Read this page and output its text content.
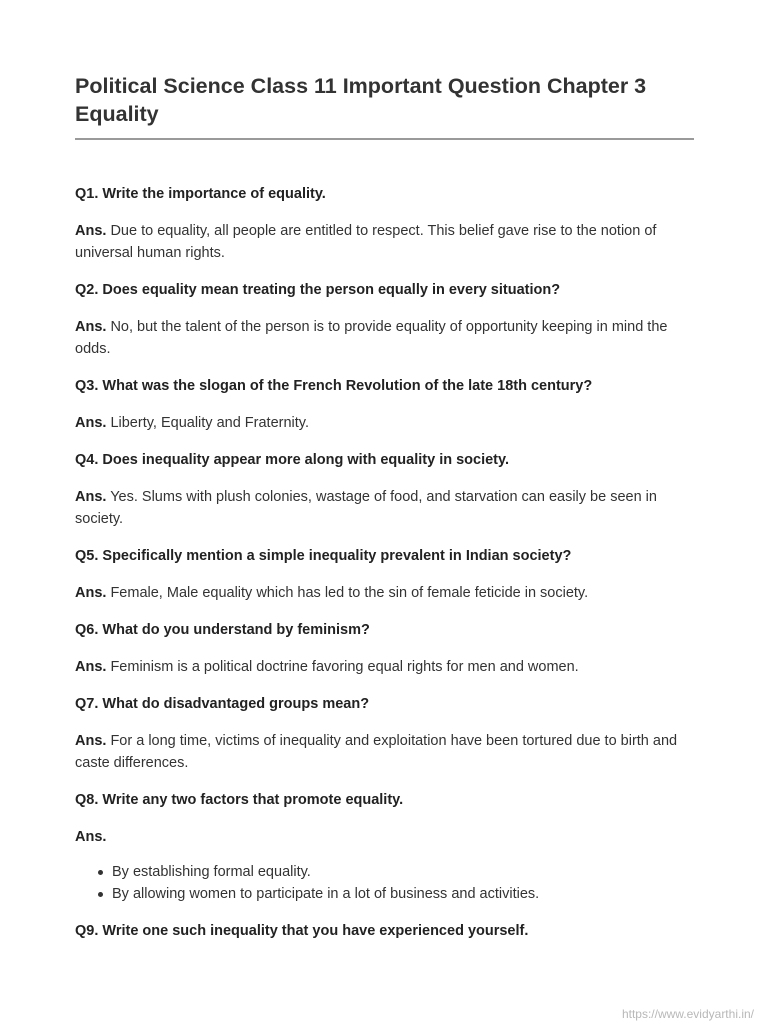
Political Science Class 11 Important Question Chapter 3 Equality
Q1. Write the importance of equality.
Ans. Due to equality, all people are entitled to respect. This belief gave rise to the notion of universal human rights.
Q2. Does equality mean treating the person equally in every situation?
Ans. No, but the talent of the person is to provide equality of opportunity keeping in mind the odds.
Q3. What was the slogan of the French Revolution of the late 18th century?
Ans. Liberty, Equality and Fraternity.
Q4. Does inequality appear more along with equality in society.
Ans. Yes. Slums with plush colonies, wastage of food, and starvation can easily be seen in society.
Q5. Specifically mention a simple inequality prevalent in Indian society?
Ans. Female, Male equality which has led to the sin of female feticide in society.
Q6. What do you understand by feminism?
Ans. Feminism is a political doctrine favoring equal rights for men and women.
Q7. What do disadvantaged groups mean?
Ans. For a long time, victims of inequality and exploitation have been tortured due to birth and caste differences.
Q8. Write any two factors that promote equality.
Ans.
By establishing formal equality.
By allowing women to participate in a lot of business and activities.
Q9. Write one such inequality that you have experienced yourself.
https://www.evidyarthi.in/
